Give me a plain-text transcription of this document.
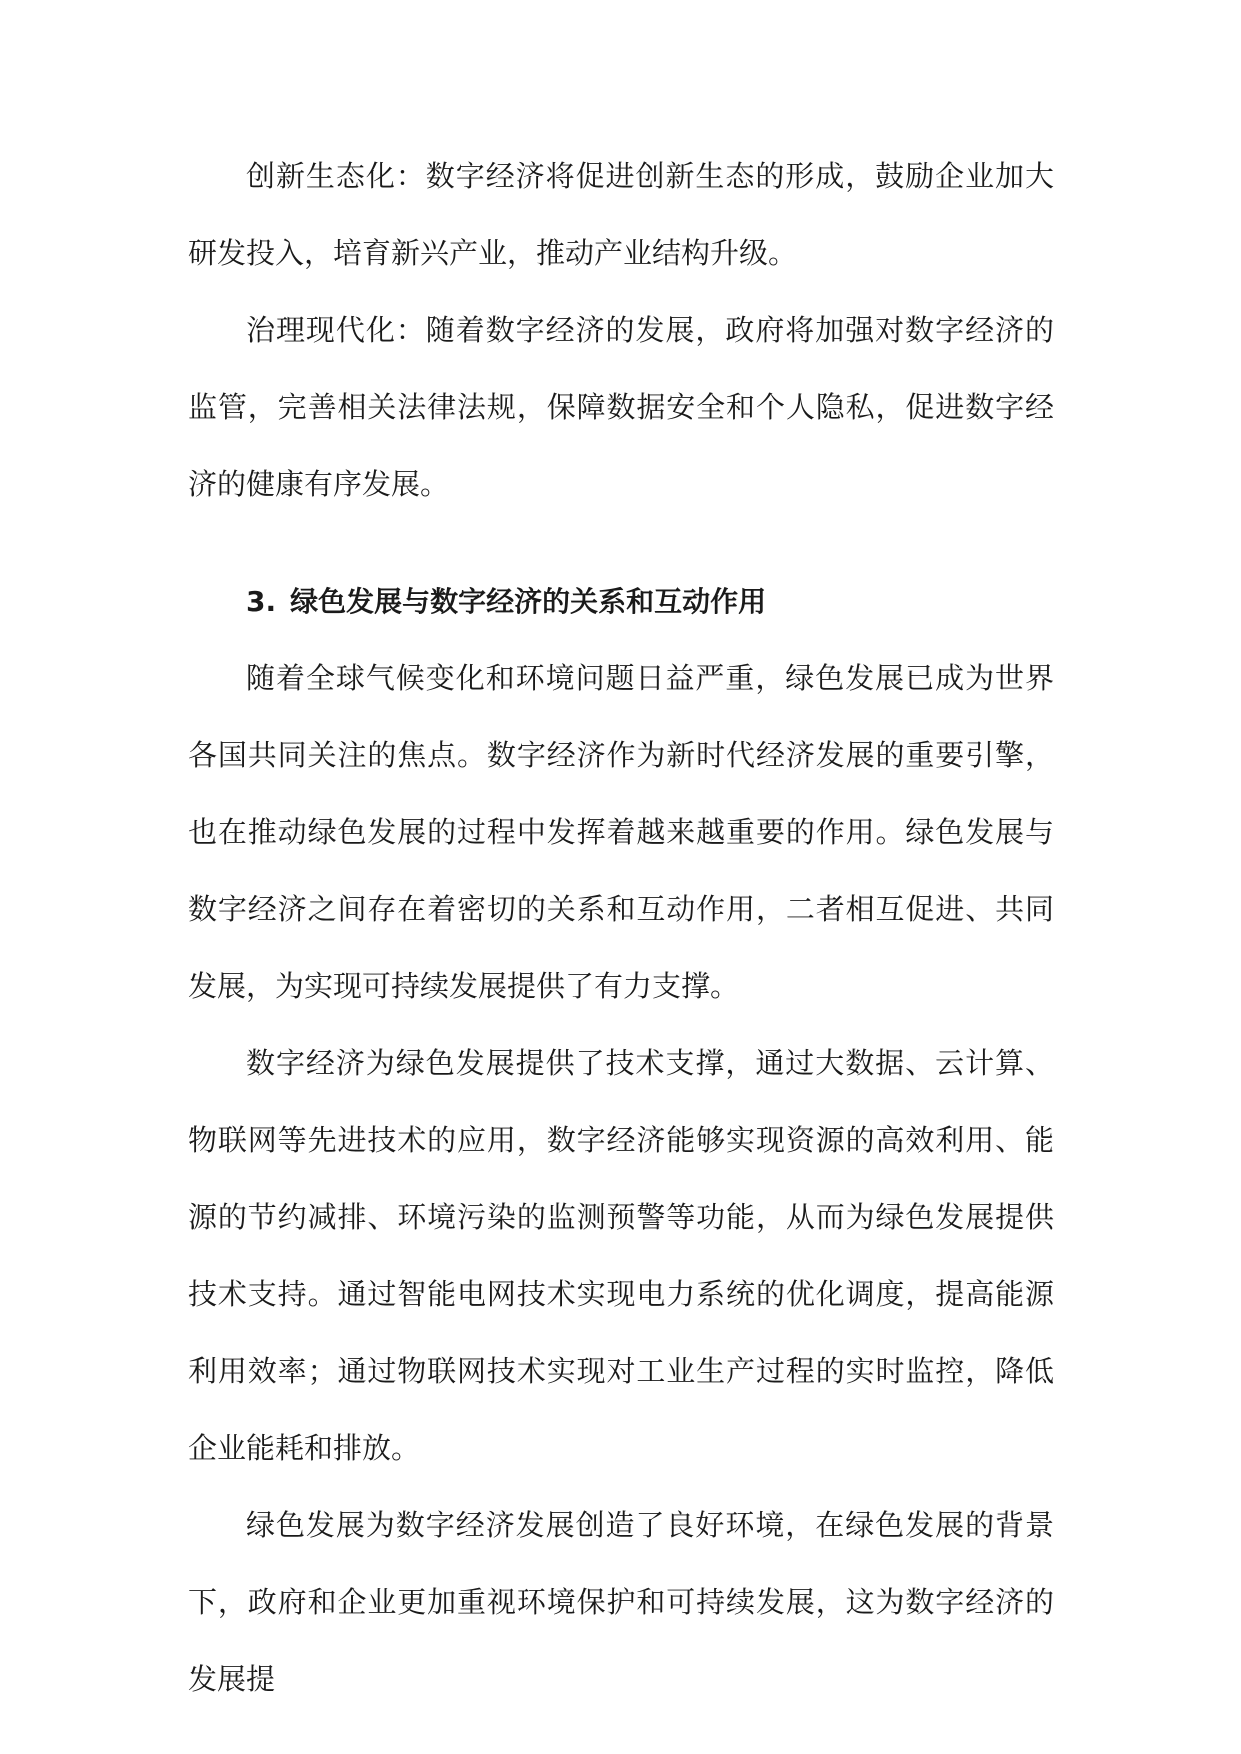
创新生态化：数字经济将促进创新生态的形成，鼓励企业加大研发投入，培育新兴产业，推动产业结构升级。

治理现代化：随着数字经济的发展，政府将加强对数字经济的监管，完善相关法律法规，保障数据安全和个人隐私，促进数字经济的健康有序发展。

3. 绿色发展与数字经济的关系和互动作用

随着全球气候变化和环境问题日益严重，绿色发展已成为世界各国共同关注的焦点。数字经济作为新时代经济发展的重要引擎，也在推动绿色发展的过程中发挥着越来越重要的作用。绿色发展与数字经济之间存在着密切的关系和互动作用，二者相互促进、共同发展，为实现可持续发展提供了有力支撑。

数字经济为绿色发展提供了技术支撑，通过大数据、云计算、物联网等先进技术的应用，数字经济能够实现资源的高效利用、能源的节约减排、环境污染的监测预警等功能，从而为绿色发展提供技术支持。通过智能电网技术实现电力系统的优化调度，提高能源利用效率；通过物联网技术实现对工业生产过程的实时监控，降低企业能耗和排放。

绿色发展为数字经济发展创造了良好环境，在绿色发展的背景下，政府和企业更加重视环境保护和可持续发展，这为数字经济的发展提
